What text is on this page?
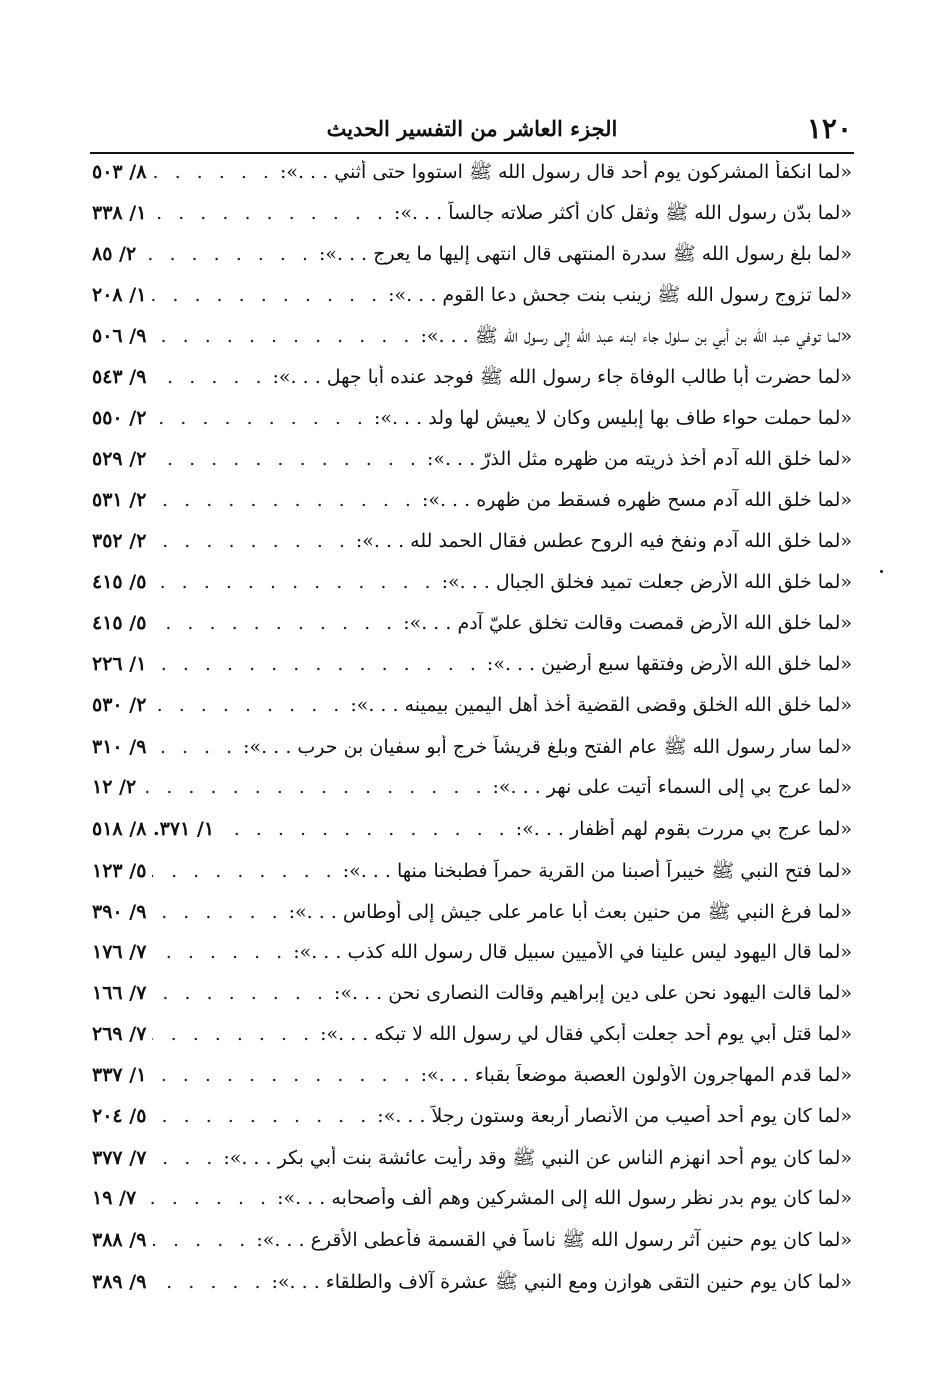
١٢٠
الجزء العاشر من التفسير الحديث
«لما انكفأ المشركون يوم أحد قال رسول الله ﷺ استووا حتى أثني . . .»:
. . .
٨/ ٥٠٣
«لما بدّن رسول الله ﷺ وثقل كان أكثر صلاته جالساً . . .»:
. . .
١/ ٣٣٨
«لما بلغ رسول الله ﷺ سدرة المنتهى قال انتهى إليها ما يعرج . . .»:
. . .
٢/ ٨٥
«لما تزوج رسول الله ﷺ زينب بنت جحش دعا القوم . . .»:
. . .
١/ ٢٠٨
«لما توفي عبد الله بن أبي بن سلول جاء ابنه عبد الله إلى رسول الله ﷺ . . .»:
. . .
٩/ ٥٠٦
«لما حضرت أبا طالب الوفاة جاء رسول الله ﷺ فوجد عنده أبا جهل . . .»:
. . .
٩/ ٥٤٣
«لما حملت حواء طاف بها إبليس وكان لا يعيش لها ولد . . .»:
. . .
٢/ ٥٥٠
«لما خلق الله آدم أخذ ذريته من ظهره مثل الذرّ . . .»:
. . .
٢/ ٥٢٩
«لما خلق الله آدم مسح ظهره فسقط من ظهره . . .»:
. . .
٢/ ٥٣١
«لما خلق الله آدم ونفخ فيه الروح عطس فقال الحمد لله . . .»:
. . .
٢/ ٣٥٢
«لما خلق الله الأرض جعلت تميد فخلق الجبال . . .»:
. . .
٥/ ٤١٥
«لما خلق الله الأرض قمصت وقالت تخلق عليّ آدم . . .»:
. . .
٥/ ٤١٥
«لما خلق الله الأرض وفتقها سبع أرضين . . .»:
. . .
١/ ٢٢٦
«لما خلق الله الخلق وقضى القضية أخذ أهل اليمين بيمينه . . .»:
. . .
٢/ ٥٣٠
«لما سار رسول الله ﷺ عام الفتح وبلغ قريشاً خرج أبو سفيان بن حرب . . .»:
. . .
٩/ ٣١٠
«لما عرج بي إلى السماء أتيت على نهر . . .»:
. . .
٢/ ١٢
«لما عرج بي مررت بقوم لهم أظفار . . .»:
. . .
١/ ٣٧١. ٨/ ٥١٨
«لما فتح النبي ﷺ خيبراً أصبنا من القرية حمراً فطبخنا منها . . .»:
. . .
٥/ ١٢٣
«لما فرغ النبي ﷺ من حنين بعث أبا عامر على جيش إلى أوطاس . . .»:
. . .
٩/ ٣٩٠
«لما قال اليهود ليس علينا في الأميين سبيل قال رسول الله كذب . . .»:
. . .
٧/ ١٧٦
«لما قالت اليهود نحن على دين إبراهيم وقالت النصارى نحن . . .»:
. . .
٧/ ١٦٦
«لما قتل أبي يوم أحد جعلت أبكي فقال لي رسول الله لا تبكه . . .»:
. . .
٧/ ٢٦٩
«لما قدم المهاجرون الأولون العصبة موضعاً بقباء . . .»:
. . .
١/ ٣٣٧
«لما كان يوم أحد أصيب من الأنصار أربعة وستون رجلاً . . .»:
. . .
٥/ ٢٠٤
«لما كان يوم أحد انهزم الناس عن النبي ﷺ وقد رأيت عائشة بنت أبي بكر . . .»:
. . .
٧/ ٣٧٧
«لما كان يوم بدر نظر رسول الله إلى المشركين وهم ألف وأصحابه . . .»:
. . .
٧/ ١٩
«لما كان يوم حنين آثر رسول الله ﷺ ناساً في القسمة فأعطى الأقرع . . .»:
. . .
٩/ ٣٨٨
«لما كان يوم حنين التقى هوازن ومع النبي ﷺ عشرة آلاف والطلقاء . . .»:
. . .
٩/ ٣٨٩
